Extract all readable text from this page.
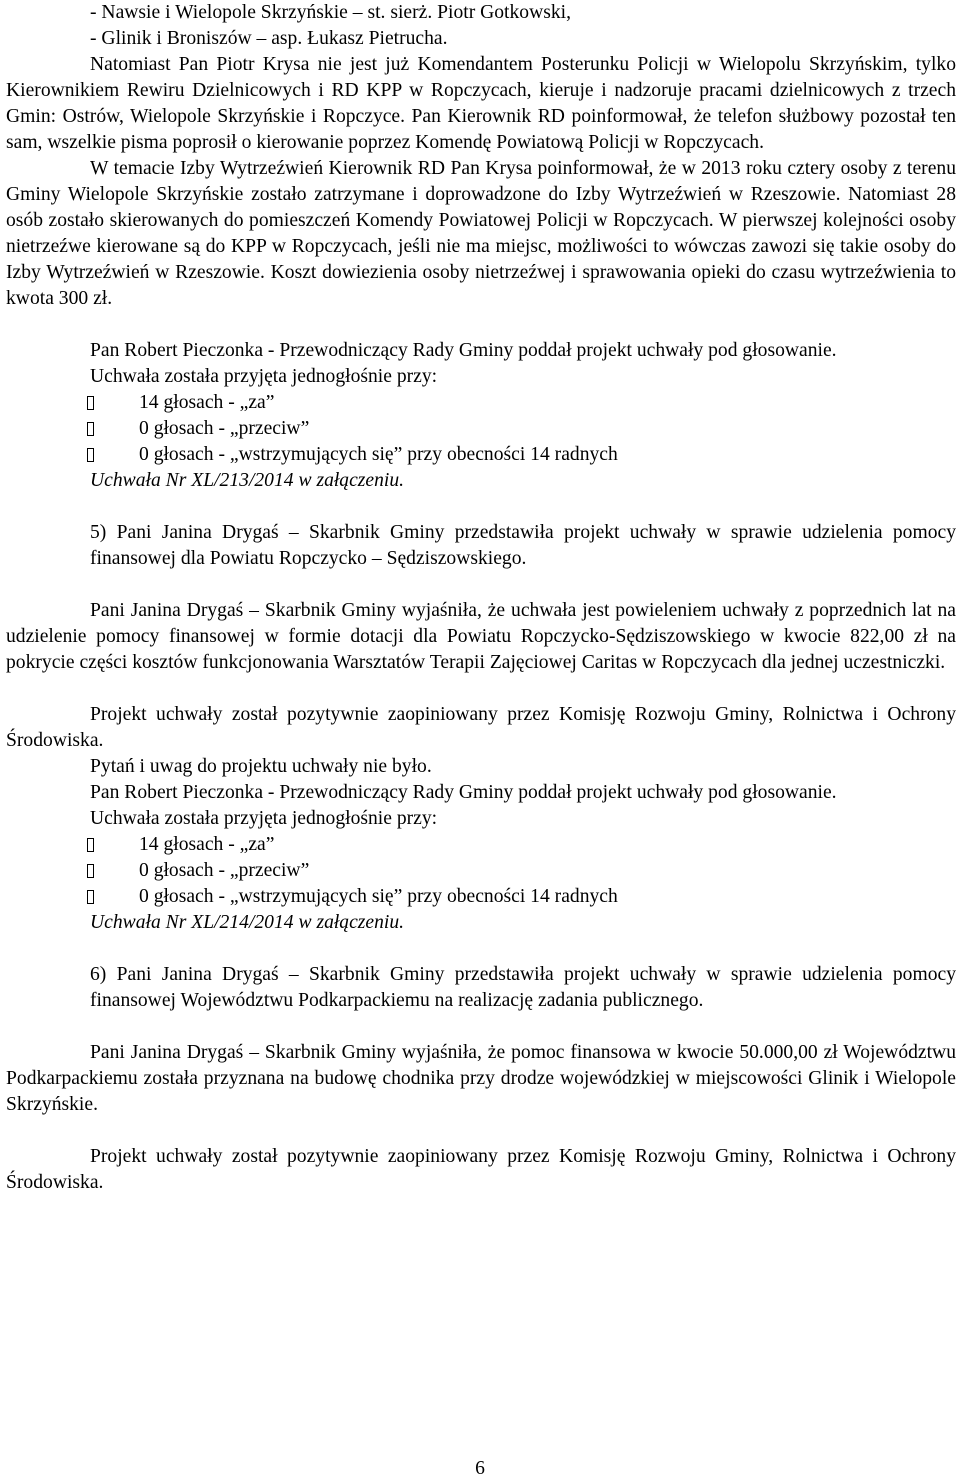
- Nawsie i Wielopole Skrzyńskie – st. sierż. Piotr Gotkowski,

- Glinik i Broniszów – asp. Łukasz Pietrucha.

Natomiast Pan Piotr Krysa nie jest już Komendantem Posterunku Policji w Wielopolu Skrzyńskim, tylko Kierownikiem Rewiru Dzielnicowych i RD KPP w Ropczycach, kieruje i nadzoruje pracami dzielnicowych z trzech Gmin: Ostrów, Wielopole Skrzyńskie i Ropczyce. Pan Kierownik RD poinformował, że telefon służbowy pozostał ten sam, wszelkie pisma poprosił o kierowanie poprzez Komendę Powiatową Policji w Ropczycach.

W temacie Izby Wytrzeźwień Kierownik RD Pan Krysa poinformował, że w 2013 roku cztery osoby z terenu Gminy Wielopole Skrzyńskie zostało zatrzymane i doprowadzone do Izby Wytrzeźwień w Rzeszowie. Natomiast 28 osób zostało skierowanych do pomieszczeń Komendy Powiatowej Policji w Ropczycach. W pierwszej kolejności osoby nietrzeźwe kierowane są do KPP w Ropczycach, jeśli nie ma miejsc, możliwości to wówczas zawozi się takie osoby do Izby Wytrzeźwień w Rzeszowie. Koszt dowiezienia osoby nietrzeźwej i sprawowania opieki do czasu wytrzeźwienia to kwota 300 zł.

Pan Robert Pieczonka - Przewodniczący Rady Gminy poddał projekt uchwały pod głosowanie.

Uchwała została przyjęta jednogłośnie przy:

14 głosach - „za”
0 głosach - „przeciw”
0 głosach - „wstrzymujących się” przy obecności 14 radnych

Uchwała Nr XL/213/2014 w załączeniu.

5) Pani Janina Drygaś – Skarbnik Gminy przedstawiła projekt uchwały w sprawie udzielenia pomocy finansowej dla Powiatu Ropczycko – Sędziszowskiego.

Pani Janina Drygaś – Skarbnik Gminy wyjaśniła, że uchwała jest powieleniem uchwały z poprzednich lat na udzielenie pomocy finansowej w formie dotacji dla Powiatu Ropczycko-Sędziszowskiego w kwocie 822,00 zł na pokrycie części kosztów funkcjonowania Warsztatów Terapii Zajęciowej Caritas w Ropczycach dla jednej uczestniczki.

Projekt uchwały został pozytywnie zaopiniowany przez Komisję Rozwoju Gminy, Rolnictwa i Ochrony Środowiska.

Pytań i uwag do projektu uchwały nie było.

Pan Robert Pieczonka - Przewodniczący Rady Gminy poddał projekt uchwały pod głosowanie.

Uchwała została przyjęta jednogłośnie przy:

14 głosach - „za”
0 głosach - „przeciw”
0 głosach - „wstrzymujących się” przy obecności 14 radnych

Uchwała Nr XL/214/2014 w załączeniu.

6) Pani Janina Drygaś – Skarbnik Gminy przedstawiła projekt uchwały w sprawie udzielenia pomocy finansowej Województwu Podkarpackiemu na realizację zadania publicznego.

Pani Janina Drygaś – Skarbnik Gminy wyjaśniła, że pomoc finansowa w kwocie 50.000,00 zł Województwu Podkarpackiemu została przyznana na budowę chodnika przy drodze wojewódzkiej w miejscowości Glinik i Wielopole Skrzyńskie.

Projekt uchwały został pozytywnie zaopiniowany przez Komisję Rozwoju Gminy, Rolnictwa i Ochrony Środowiska.

6
